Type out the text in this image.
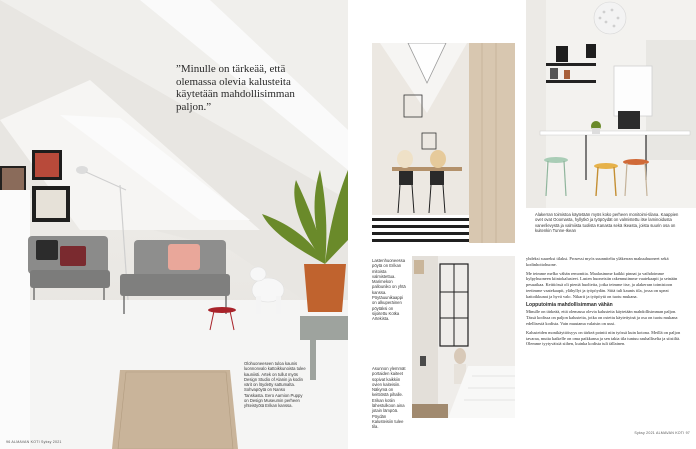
”Minulle on tärkeää, että olemassa olevia kalusteita käytetään mahdollisimman paljon.”
Olohuoneeseen tuloa kaunis luonnonvalo kattoikkunoista tulee kauniisti. Artek on tullut myös Design Studio of Alanin ja kodin värit on löydetty sattumalta. Sohvapöytä on Nanso Tanskasta. Eero Aarnion Puppy on Design Museumin perheen yhteistyötä Erikan kanssa.
96 ALMAVAN KOTI Syksy 2021
Alakerran toimistoa käytetään myös koko perheen monitoimi-tilana. Kaappien ovet ovat Ooomasta, hyllytkö ja työpöydät on valmistettu itse laminoidusta vanerilevystä ja valmiista tuolista Kanasta sekä Ikeasta, joista suurin osa on kuitenkin Tunne-Ikean
Lastenhuoneessa pöytä on Erikan mitoista valmistettua. Marimekon pallouniko on yhtä kanssa. Pöytäuunikaappi on alkuperäinen pöytäksi on sijoitettu Kotka Artekista.
Asunnon ylemmät portaiden kaiteet sopivat kaikkiin ovien kaiteisiin. Näkymä on keittiöstä pihalle. Erikan kotiin lähestulkoon aina jotain lämpöä. Pöydän Kalusteisiin tulee tila.

yhdeksi suureksi tilaksi. Prosessi myös suunniteltu yläkerran makuuhuoneet sekä kodinhoitohuone.

Me teimme melko vähän remonttia. Maalasimme kaikki pinnat ja vaihdoimme kylpyhuoneen kiintokalusteet. Lasten huoneisiin rakennutimme vaatekaapit ja seinään pesuaikaa. Keittiössä oli pieniä huolteita, jotka teimme itse, ja alakerran toimistoon teetimme vaatekaapit, ylähyllyt ja työpöydän. Siitä tuli kaunis tila, jossa on upeat kattoikkunat ja hyvä valo. Nikarit ja työpöytä on tuotu mukana.

Lopputoimia mahdollisimman vähän

Minulle on tärkeää, että olemassa olevia kalusteita käytetään mahdollisimman paljon. Tässä kodissa on paljon kalusteita, jotka on ostettu käytettyinä ja osa on tuotu mukana edellisestä kodista. Vain muutama valaisin on uusi.

Kalusteiden monikäyttöisyys on tärkeä pointti niin työssä kuin kotona. Meillä on paljon tavaraa, mutta kaikelle on oma paikkansa ja sen takia tila tuntuu rauhalliselta ja siistiltä. Olemme tyytyväisiä siihen, kuinka kodista tuli tällainen.

Syksy 2021 ALMAVAN KOTI 97
